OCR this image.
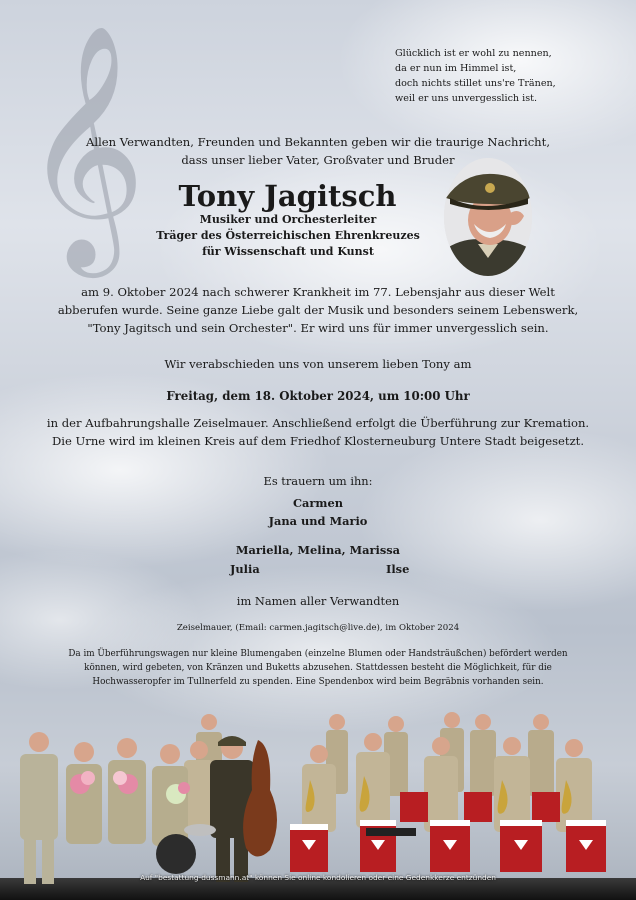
𝄞	Glücklich ist er wohl zu nennen,
da er nun im Himmel ist,
doch nichts stillet uns're Tränen,
weil er uns unvergesslich ist.
Allen Verwandten, Freunden und Bekannten geben wir die traurige Nachricht,
dass unser lieber Vater, Großvater und Bruder
Tony Jagitsch
Musiker und Orchesterleiter
Träger des Österreichischen Ehrenkreuzes
für Wissenschaft und Kunst
am 9. Oktober 2024 nach schwerer Krankheit im 77. Lebensjahr aus dieser Welt
abberufen wurde. Seine ganze Liebe galt der Musik und besonders seinem Lebenswerk,
"Tony Jagitsch und sein Orchester". Er wird uns für immer unvergesslich sein.
Wir verabschieden uns von unserem lieben Tony am
Freitag, dem 18. Oktober 2024, um 10:00 Uhr
in der Aufbahrungshalle Zeiselmauer. Anschließend erfolgt die Überführung zur Kremation.
Die Urne wird im kleinen Kreis auf dem Friedhof Klosterneuburg Untere Stadt beigesetzt.
Es trauern um ihn:
Carmen
Jana und Mario
Mariella, Melina, Marissa
Julia	Ilse
im Namen aller Verwandten
Zeiselmauer, (Email: carmen.jagitsch@live.de), im Oktober 2024
Da im Überführungswagen nur kleine Blumengaben (einzelne Blumen oder Handsträußchen) befördert werden
können, wird gebeten, von Kränzen und Buketts abzusehen. Stattdessen besteht die Möglichkeit, für die
Hochwasseropfer im Tullnerfeld zu spenden. Eine Spendenbox wird beim Begräbnis vorhanden sein.
Auf "bestattung-dussmann.at" können Sie online kondolieren oder eine Gedenkkerze entzünden
